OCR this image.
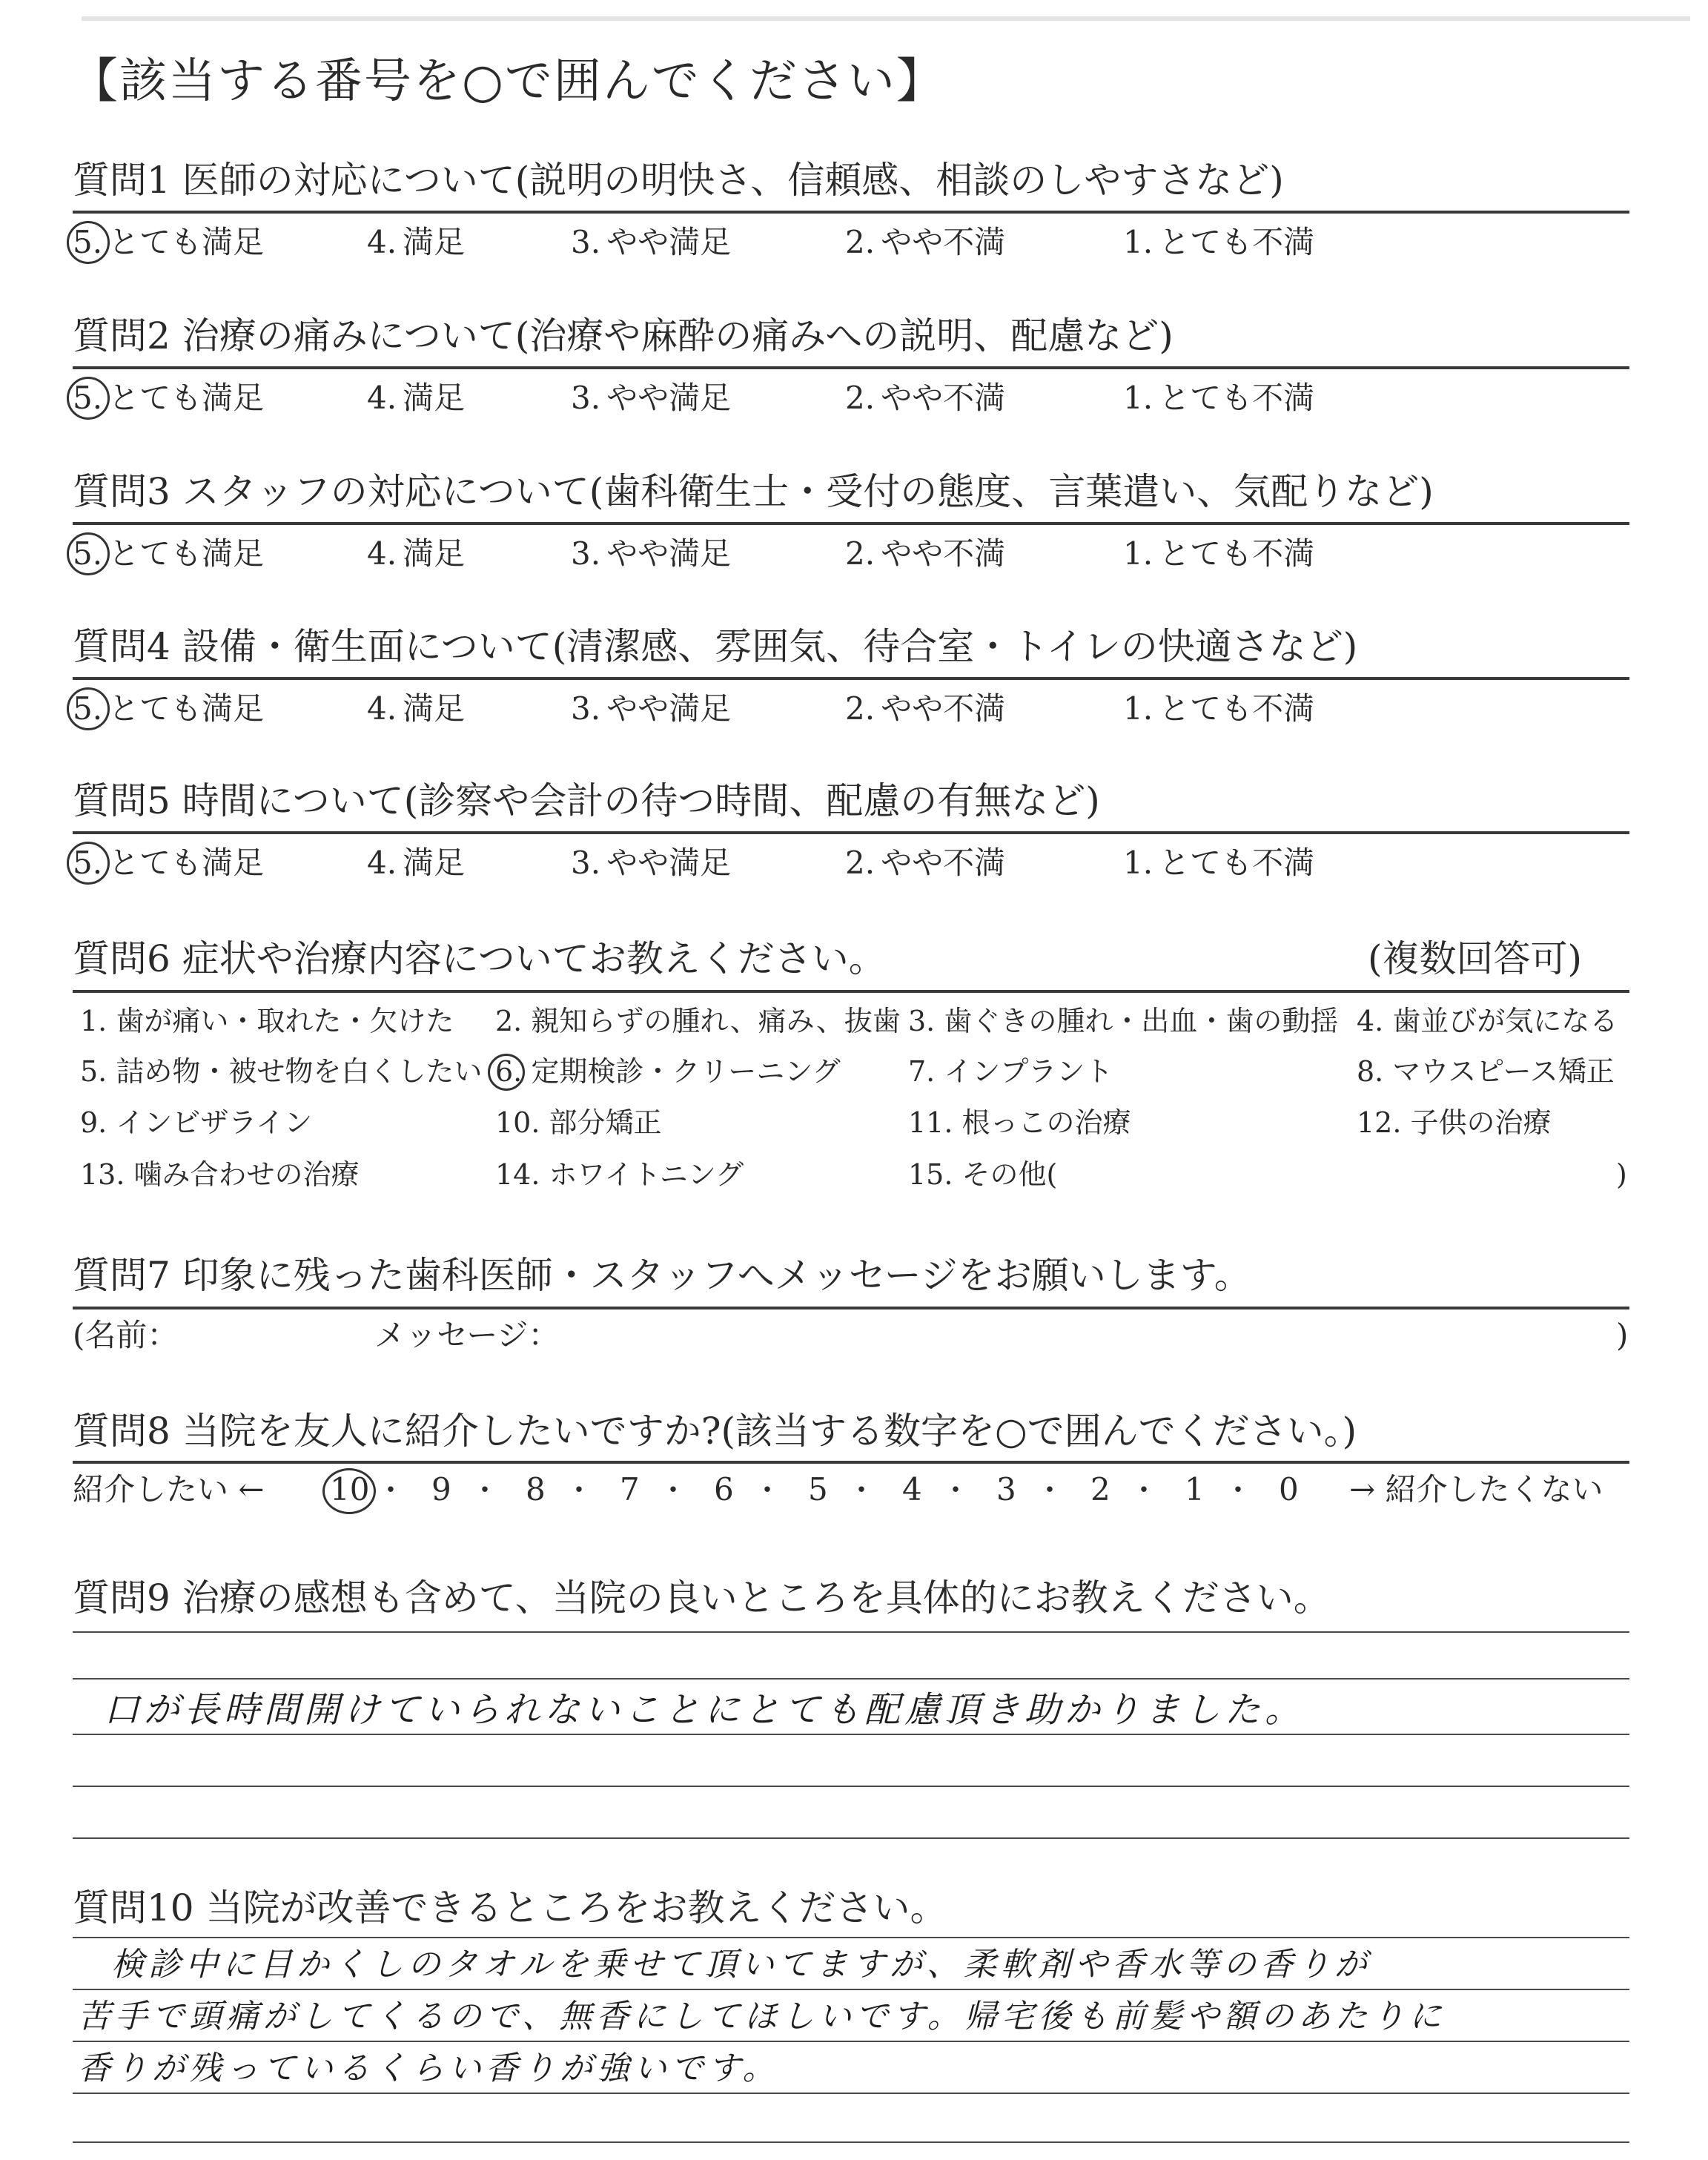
【該当する番号を○で囲んでください】
質問1 医師の対応について(説明の明快さ、信頼感、相談のしやすさなど)
5. とても満足	4. 満足	3. やや満足	2. やや不満	1. とても不満
質問2 治療の痛みについて(治療や麻酔の痛みへの説明、配慮など)
5. とても満足	4. 満足	3. やや満足	2. やや不満	1. とても不満
質問3 スタッフの対応について(歯科衛生士・受付の態度、言葉遣い、気配りなど)
5. とても満足	4. 満足	3. やや満足	2. やや不満	1. とても不満
質問4 設備・衛生面について(清潔感、雰囲気、待合室・トイレの快適さなど)
5. とても満足	4. 満足	3. やや満足	2. やや不満	1. とても不満
質問5 時間について(診察や会計の待つ時間、配慮の有無など)
5. とても満足	4. 満足	3. やや満足	2. やや不満	1. とても不満
質問6 症状や治療内容についてお教えください。	(複数回答可)
1. 歯が痛い・取れた・欠けた 2. 親知らずの腫れ、痛み、抜歯 3. 歯ぐきの腫れ・出血・歯の動揺 4. 歯並びが気になる
5. 詰め物・被せ物を白くしたい 6. 定期検診・クリーニング 7. インプラント	8. マウスピース矯正
9. インビザライン	10. 部分矯正	11. 根っこの治療	12. 子供の治療
13. 噛み合わせの治療	14. ホワイトニング	15. その他(	)
質問7 印象に残った歯科医師・スタッフへメッセージをお願いします。
(名前：	メッセージ：	)
質問8 当院を友人に紹介したいですか?(該当する数字を○で囲んでください。)
紹介したい ← 10 ・ 9 ・ 8 ・ 7 ・ 6 ・ 5 ・ 4 ・ 3 ・ 2 ・ 1 ・ 0 → 紹介したくない
質問9 治療の感想も含めて、当院の良いところを具体的にお教えください。
口が長時間開けていられないことにとても配慮頂き助かりました。
質問10 当院が改善できるところをお教えください。
検診中に目かくしのタオルを乗せて頂いてますが、柔軟剤や香水等の香りが
苦手で頭痛がしてくるので、無香にしてほしいです。帰宅後も前髪や額のあたりに
香りが残っているくらい香りが強いです。
